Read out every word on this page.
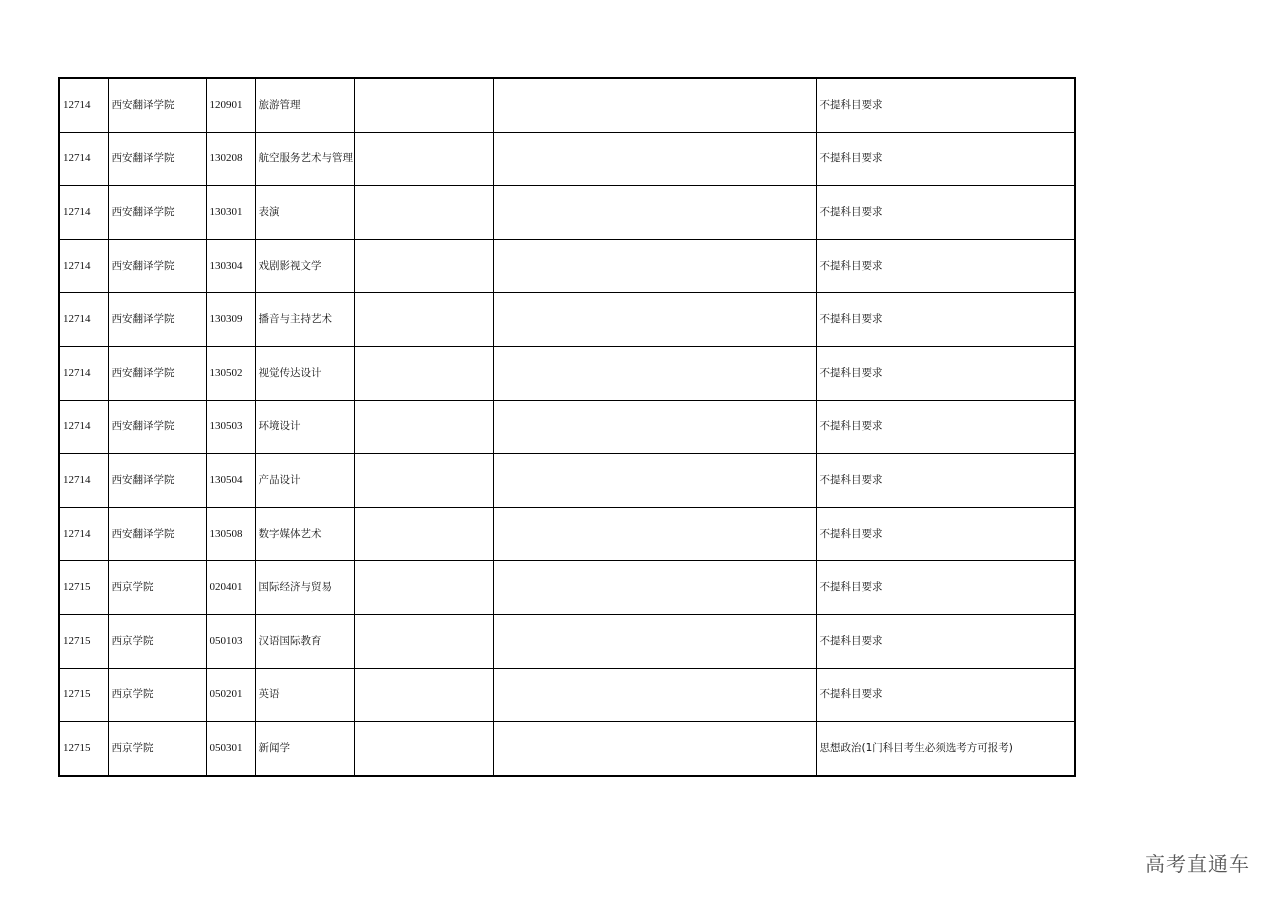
12714	西安翻译学院	120901	旅游管理			不提科目要求
12714	西安翻译学院	130208	航空服务艺术与管理			不提科目要求
12714	西安翻译学院	130301	表演			不提科目要求
12714	西安翻译学院	130304	戏剧影视文学			不提科目要求
12714	西安翻译学院	130309	播音与主持艺术			不提科目要求
12714	西安翻译学院	130502	视觉传达设计			不提科目要求
12714	西安翻译学院	130503	环境设计			不提科目要求
12714	西安翻译学院	130504	产品设计			不提科目要求
12714	西安翻译学院	130508	数字媒体艺术			不提科目要求
12715	西京学院	020401	国际经济与贸易			不提科目要求
12715	西京学院	050103	汉语国际教育			不提科目要求
12715	西京学院	050201	英语			不提科目要求
12715	西京学院	050301	新闻学			思想政治(1门科目考生必须选考方可报考)
高考直通车
